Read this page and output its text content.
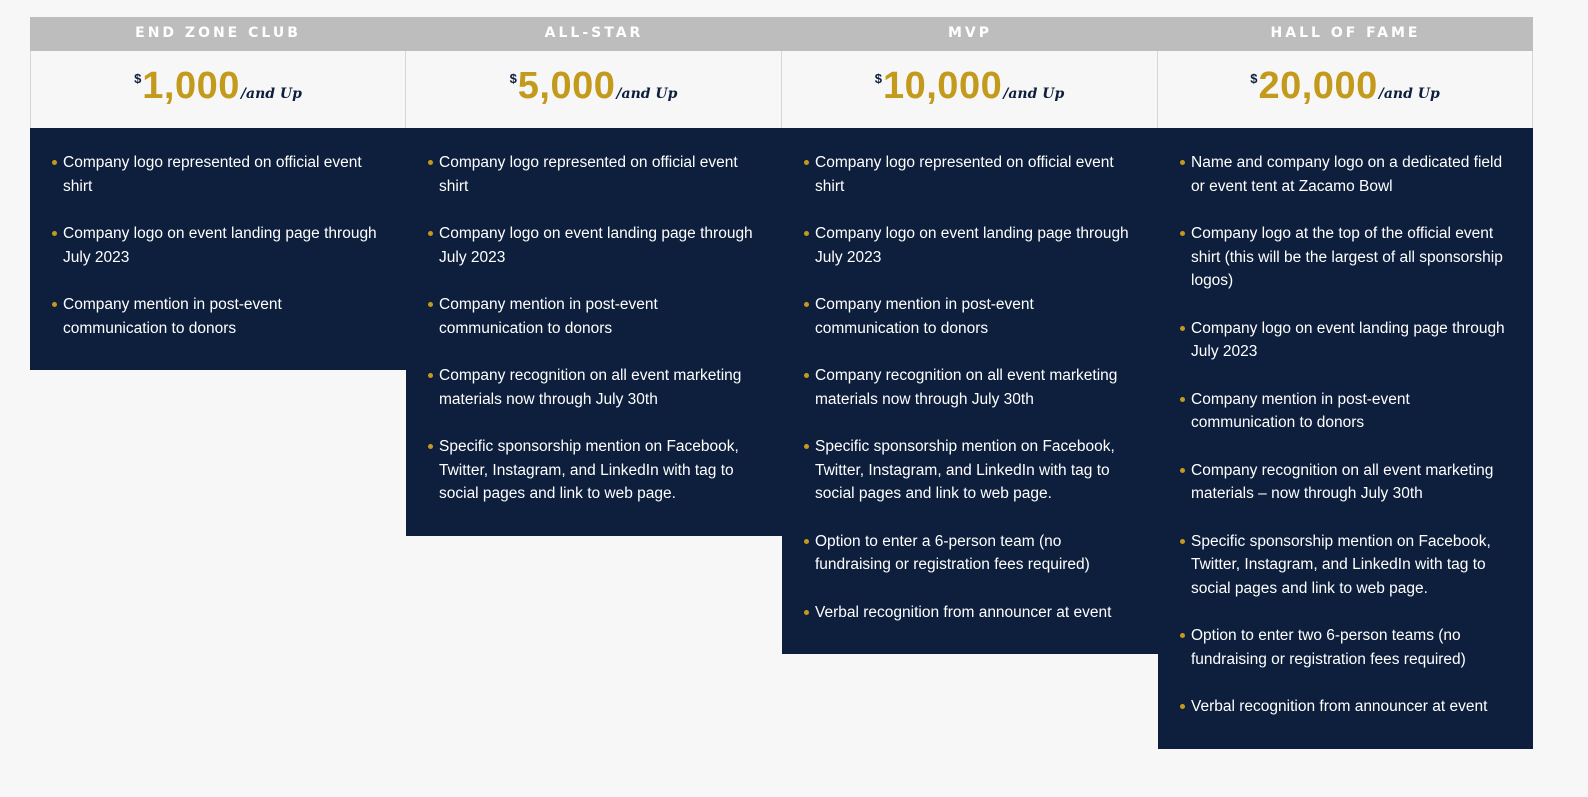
END ZONE CLUB
$ 1,000 /and Up
Company logo represented on official event shirt
Company logo on event landing page through July 2023
Company mention in post-event communication to donors
ALL-STAR
$ 5,000 /and Up
Company logo represented on official event shirt
Company logo on event landing page through July 2023
Company mention in post-event communication to donors
Company recognition on all event marketing materials now through July 30th
Specific sponsorship mention on Facebook, Twitter, Instagram, and LinkedIn with tag to social pages and link to web page.
MVP
$ 10,000 /and Up
Company logo represented on official event shirt
Company logo on event landing page through July 2023
Company mention in post-event communication to donors
Company recognition on all event marketing materials now through July 30th
Specific sponsorship mention on Facebook, Twitter, Instagram, and LinkedIn with tag to social pages and link to web page.
Option to enter a 6-person team (no fundraising or registration fees required)
Verbal recognition from announcer at event
HALL OF FAME
$ 20,000 /and Up
Name and company logo on a dedicated field or event tent at Zacamo Bowl
Company logo at the top of the official event shirt (this will be the largest of all sponsorship logos)
Company logo on event landing page through July 2023
Company mention in post-event communication to donors
Company recognition on all event marketing materials – now through July 30th
Specific sponsorship mention on Facebook, Twitter, Instagram, and LinkedIn with tag to social pages and link to web page.
Option to enter two 6-person teams (no fundraising or registration fees required)
Verbal recognition from announcer at event
